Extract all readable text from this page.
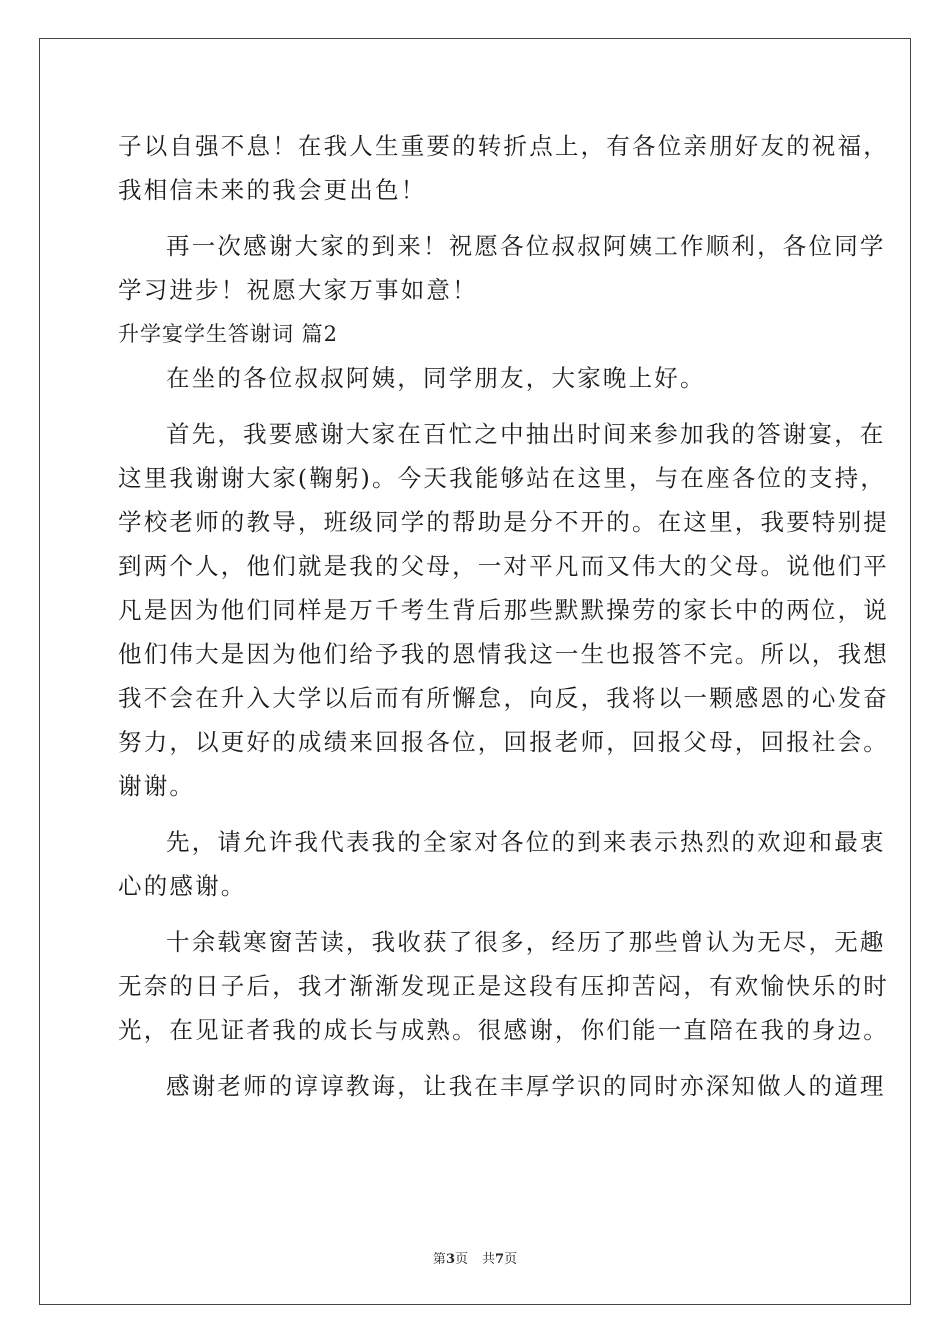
子以自强不息！在我人生重要的转折点上，有各位亲朋好友的祝福，
我相信未来的我会更出色！
再一次感谢大家的到来！祝愿各位叔叔阿姨工作顺利，各位同学
学习进步！祝愿大家万事如意！
升学宴学生答谢词 篇2
在坐的各位叔叔阿姨，同学朋友，大家晚上好。
首先，我要感谢大家在百忙之中抽出时间来参加我的答谢宴，在
这里我谢谢大家(鞠躬)。今天我能够站在这里，与在座各位的支持，
学校老师的教导，班级同学的帮助是分不开的。在这里，我要特别提
到两个人，他们就是我的父母，一对平凡而又伟大的父母。说他们平
凡是因为他们同样是万千考生背后那些默默操劳的家长中的两位，说
他们伟大是因为他们给予我的恩情我这一生也报答不完。所以，我想
我不会在升入大学以后而有所懈怠，向反，我将以一颗感恩的心发奋
努力，以更好的成绩来回报各位，回报老师，回报父母，回报社会。
谢谢。
先，请允许我代表我的全家对各位的到来表示热烈的欢迎和最衷
心的感谢。
十余载寒窗苦读，我收获了很多，经历了那些曾认为无尽，无趣
无奈的日子后，我才渐渐发现正是这段有压抑苦闷，有欢愉快乐的时
光，在见证者我的成长与成熟。很感谢，你们能一直陪在我的身边。
感谢老师的谆谆教诲，让我在丰厚学识的同时亦深知做人的道理
第3页 共7页
